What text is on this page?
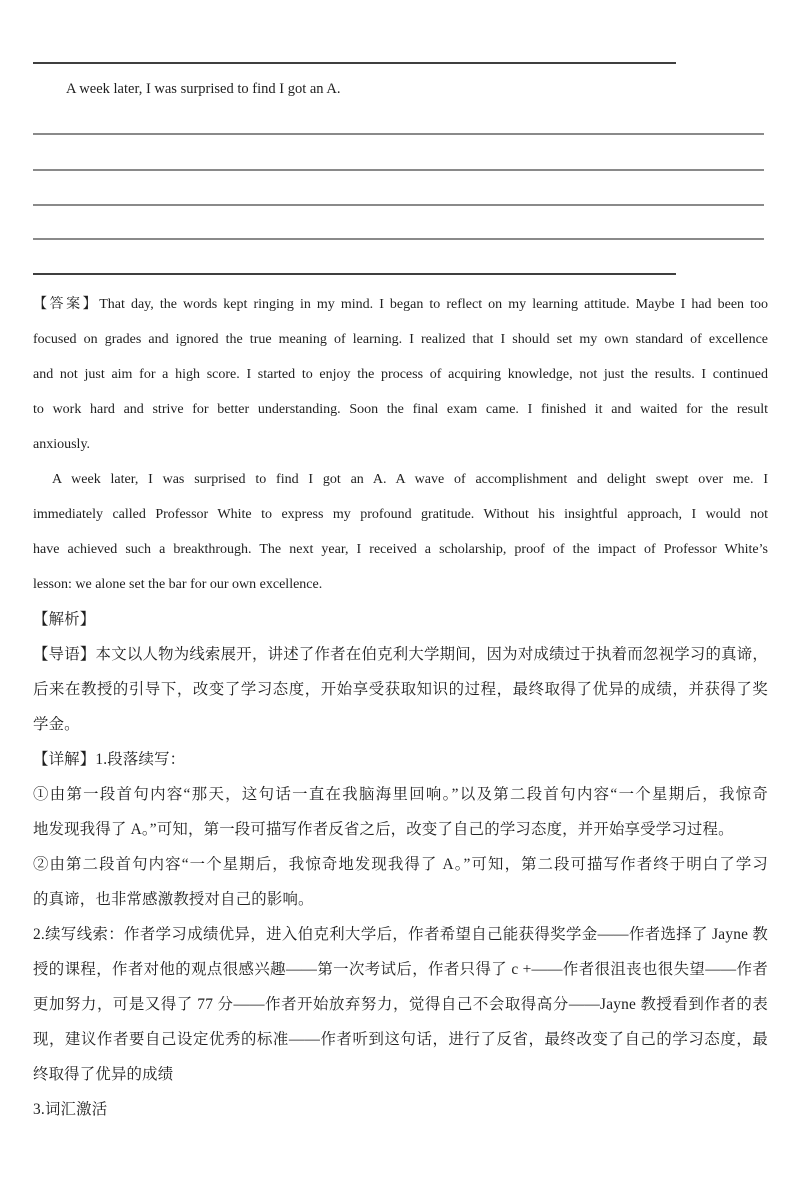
A week later, I was surprised to find I got an A.
【答案】That day, the words kept ringing in my mind. I began to reflect on my learning attitude. Maybe I had been too
focused on grades and ignored the true meaning of learning. I realized that I should set my own standard of excellence
and not just aim for a high score. I started to enjoy the process of acquiring knowledge, not just the results. I continued
to work hard and strive for better understanding. Soon the final exam came. I finished it and waited for the result
anxiously.
A week later, I was surprised to find I got an A. A wave of accomplishment and delight swept over me. I
immediately called Professor White to express my profound gratitude. Without his insightful approach, I would not
have achieved such a breakthrough. The next year, I received a scholarship, proof of the impact of Professor White’s
lesson: we alone set the bar for our own excellence.
【解析】
【导语】本文以人物为线索展开，讲述了作者在伯克利大学期间，因为对成绩过于执着而忽视学习的真谛，
后来在教授的引导下，改变了学习态度，开始享受获取知识的过程，最终取得了优异的成绩，并获得了奖
学金。
【详解】1.段落续写：
①由第一段首句内容“那天，这句话一直在我脑海里回响。”以及第二段首句内容“一个星期后，我惊奇
地发现我得了 A。”可知，第一段可描写作者反省之后，改变了自己的学习态度，并开始享受学习过程。
②由第二段首句内容“一个星期后，我惊奇地发现我得了 A。”可知，第二段可描写作者终于明白了学习
的真谛，也非常感激教授对自己的影响。
2.续写线索：作者学习成绩优异，进入伯克利大学后，作者希望自己能获得奖学金——作者选择了 Jayne 教
授的课程，作者对他的观点很感兴趣——第一次考试后，作者只得了 c +——作者很沮丧也很失望——作者
更加努力，可是又得了 77 分——作者开始放弃努力，觉得自己不会取得高分——Jayne 教授看到作者的表
现，建议作者要自己设定优秀的标准——作者听到这句话，进行了反省，最终改变了自己的学习态度，最
终取得了优异的成绩
3.词汇激活
